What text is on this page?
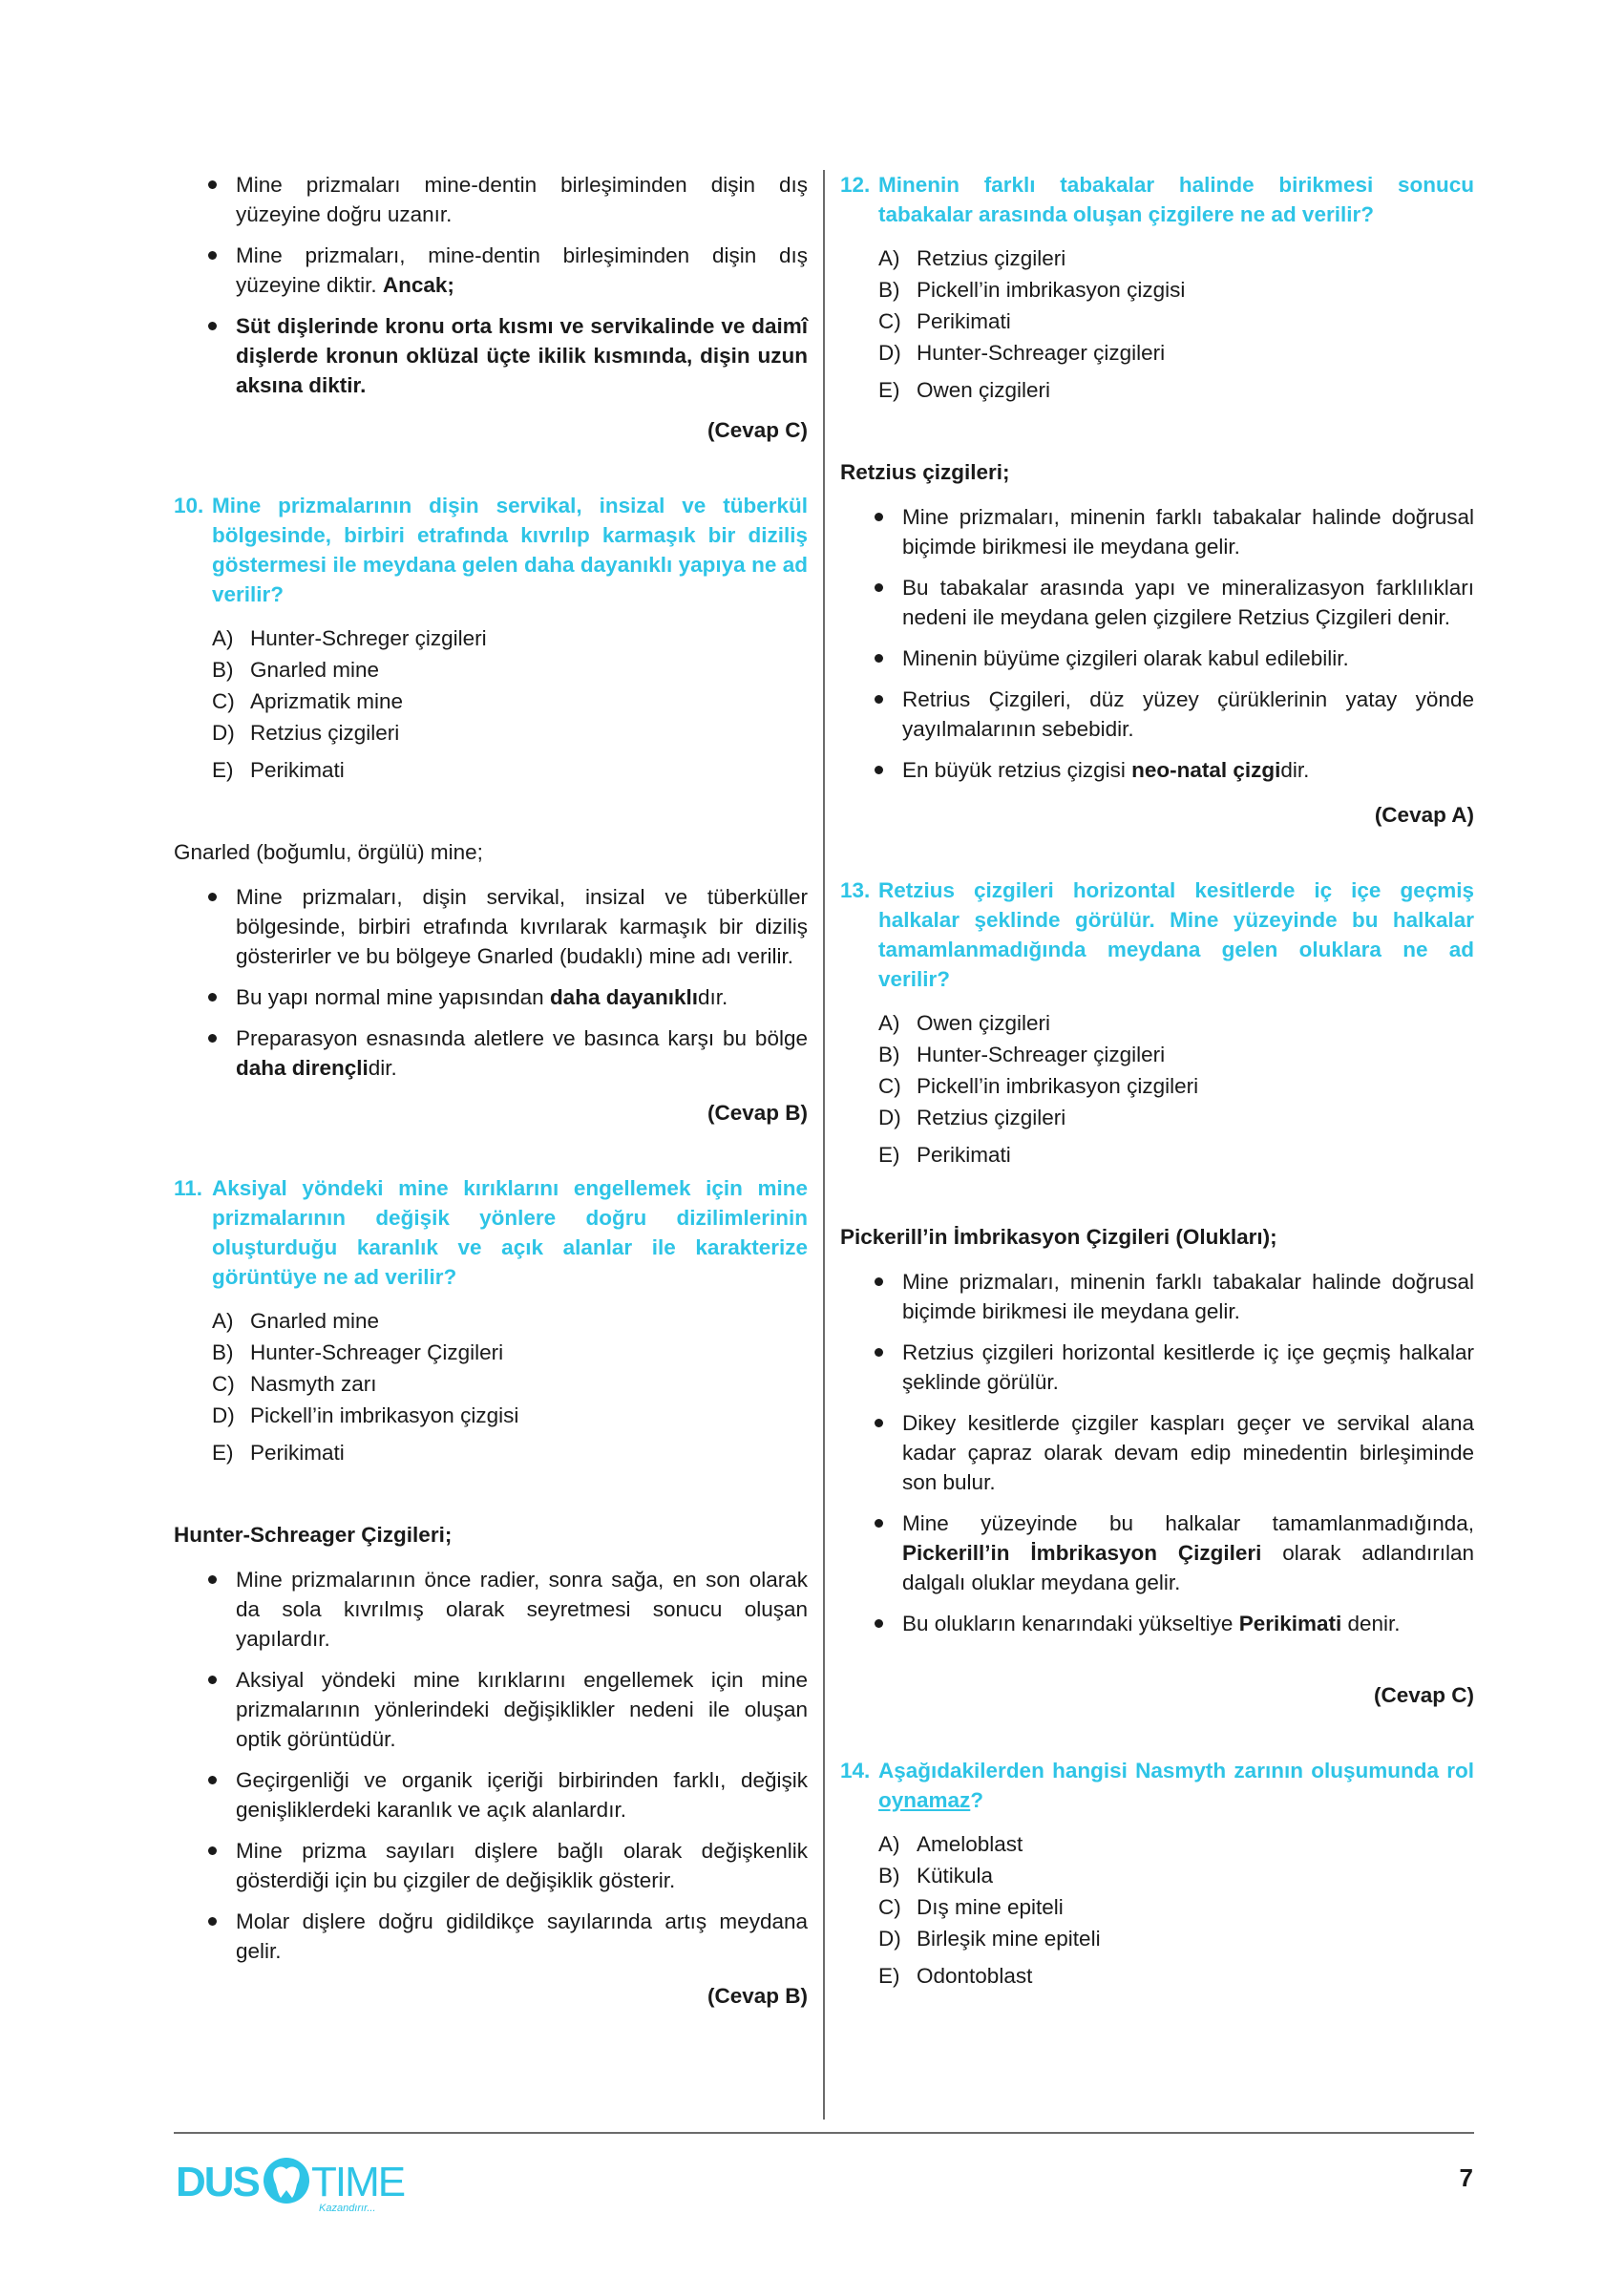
Mine prizmaları mine-dentin birleşiminden dişin dış yüzeyine doğru uzanır.
Mine prizmaları, mine-dentin birleşiminden dişin dış yüzeyine diktir. Ancak;
Süt dişlerinde kronu orta kısmı ve servikalinde ve daimî dişlerde kronun oklüzal üçte ikilik kısmında, dişin uzun aksına diktir.
(Cevap C)
10. Mine prizmalarının dişin servikal, insizal ve tüberkül bölgesinde, birbiri etrafında kıvrılıp karmaşık bir diziliş göstermesi ile meydana gelen daha dayanıklı yapıya ne ad verilir?
A) Hunter-Schreger çizgileri
B) Gnarled mine
C) Aprizmatik mine
D) Retzius çizgileri
E) Perikimati
Gnarled (boğumlu, örgülü) mine;
Mine prizmaları, dişin servikal, insizal ve tüberküller bölgesinde, birbiri etrafında kıvrılarak karmaşık bir diziliş gösterirler ve bu bölgeye Gnarled (budaklı) mine adı verilir.
Bu yapı normal mine yapısından daha dayanıklıdır.
Preparasyon esnasında aletlere ve basınca karşı bu bölge daha dirençlidir.
(Cevap B)
11. Aksiyal yöndeki mine kırıklarını engellemek için mine prizmalarının değişik yönlere doğru dizilimlerinin oluşturduğu karanlık ve açık alanlar ile karakterize görüntüye ne ad verilir?
A) Gnarled mine
B) Hunter-Schreager Çizgileri
C) Nasmyth zarı
D) Pickell’in imbrikasyon çizgisi
E) Perikimati
Hunter-Schreager Çizgileri;
Mine prizmalarının önce radier, sonra sağa, en son olarak da sola kıvrılmış olarak seyretmesi sonucu oluşan yapılardır.
Aksiyal yöndeki mine kırıklarını engellemek için mine prizmalarının yönlerindeki değişiklikler nedeni ile oluşan optik görüntüdür.
Geçirgenliği ve organik içeriği birbirinden farklı, değişik genişliklerdeki karanlık ve açık alanlardır.
Mine prizma sayıları dişlere bağlı olarak değişkenlik gösterdiği için bu çizgiler de değişiklik gösterir.
Molar dişlere doğru gidildikçe sayılarında artış meydana gelir.
(Cevap B)
12. Minenin farklı tabakalar halinde birikmesi sonucu tabakalar arasında oluşan çizgilere ne ad verilir?
A) Retzius çizgileri
B) Pickell’in imbrikasyon çizgisi
C) Perikimati
D) Hunter-Schreager çizgileri
E) Owen çizgileri
Retzius çizgileri;
Mine prizmaları, minenin farklı tabakalar halinde doğrusal biçimde birikmesi ile meydana gelir.
Bu tabakalar arasında yapı ve mineralizasyon farklılıkları nedeni ile meydana gelen çizgilere Retzius Çizgileri denir.
Minenin büyüme çizgileri olarak kabul edilebilir.
Retrius Çizgileri, düz yüzey çürüklerinin yatay yönde yayılmalarının sebebidir.
En büyük retzius çizgisi neo-natal çizgidir.
(Cevap A)
13. Retzius çizgileri horizontal kesitlerde iç içe geçmiş halkalar şeklinde görülür. Mine yüzeyinde bu halkalar tamamlanmadığında meydana gelen oluklara ne ad verilir?
A) Owen çizgileri
B) Hunter-Schreager çizgileri
C) Pickell’in imbrikasyon çizgileri
D) Retzius çizgileri
E) Perikimati
Pickerill’in İmbrikasyon Çizgileri (Olukları);
Mine prizmaları, minenin farklı tabakalar halinde doğrusal biçimde birikmesi ile meydana gelir.
Retzius çizgileri horizontal kesitlerde iç içe geçmiş halkalar şeklinde görülür.
Dikey kesitlerde çizgiler kaspları geçer ve servikal alana kadar çapraz olarak devam edip minedentin birleşiminde son bulur.
Mine yüzeyinde bu halkalar tamamlanmadığında, Pickerill’in İmbrikasyon Çizgileri olarak adlandırılan dalgalı oluklar meydana gelir.
Bu olukların kenarındaki yükseltiye Perikimati denir.
(Cevap C)
14. Aşağıdakilerden hangisi Nasmyth zarının oluşumunda rol oynamaz?
A) Ameloblast
B) Kütikula
C) Dış mine epiteli
D) Birleşik mine epiteli
E) Odontoblast
DUS TIME
Kazandırır...
7
